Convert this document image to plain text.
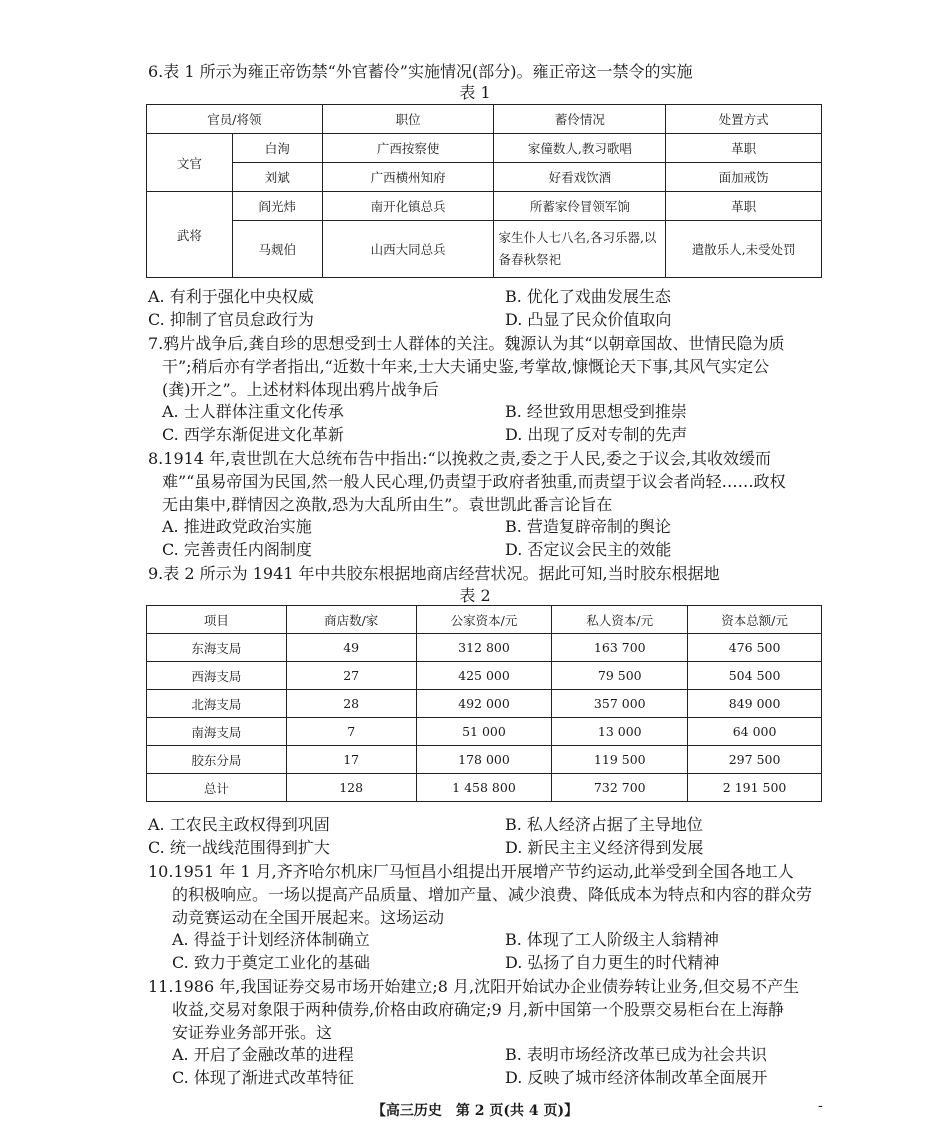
6.表 1 所示为雍正帝饬禁“外官蓄伶”实施情况(部分)。雍正帝这一禁令的实施
表 1
官员/将领		职位	蓄伶情况	处置方式
文官	白洵	广西按察使	家僮数人,教习歌唱	革职
	刘斌	广西横州知府	好看戏饮酒	面加戒饬
武将	阎光炜	南开化镇总兵	所蓄家伶冒领军饷	革职
	马觌伯	山西大同总兵	家生仆人七八名,各习乐器,以备春秋祭祀	遣散乐人,未受处罚
A. 有利于强化中央权威	B. 优化了戏曲发展生态
C. 抑制了官员怠政行为	D. 凸显了民众价值取向
7.鸦片战争后,龚自珍的思想受到士人群体的关注。魏源认为其“以朝章国故、世情民隐为质
干”;稍后亦有学者指出,“近数十年来,士大夫诵史鉴,考掌故,慷慨论天下事,其风气实定公
(龚)开之”。上述材料体现出鸦片战争后
A. 士人群体注重文化传承	B. 经世致用思想受到推崇
C. 西学东渐促进文化革新	D. 出现了反对专制的先声
8.1914 年,袁世凯在大总统布告中指出:“以挽救之责,委之于人民,委之于议会,其收效缓而
难”“虽易帝国为民国,然一般人民心理,仍责望于政府者独重,而责望于议会者尚轻……政权
无由集中,群情因之涣散,恐为大乱所由生”。袁世凯此番言论旨在
A. 推进政党政治实施	B. 营造复辟帝制的舆论
C. 完善责任内阁制度	D. 否定议会民主的效能
9.表 2 所示为 1941 年中共胶东根据地商店经营状况。据此可知,当时胶东根据地
表 2
项目	商店数/家	公家资本/元	私人资本/元	资本总额/元
东海支局	49	312 800	163 700	476 500
西海支局	27	425 000	79 500	504 500
北海支局	28	492 000	357 000	849 000
南海支局	7	51 000	13 000	64 000
胶东分局	17	178 000	119 500	297 500
总计	128	1 458 800	732 700	2 191 500
A. 工农民主政权得到巩固	B. 私人经济占据了主导地位
C. 统一战线范围得到扩大	D. 新民主主义经济得到发展
10.1951 年 1 月,齐齐哈尔机床厂马恒昌小组提出开展增产节约运动,此举受到全国各地工人
的积极响应。一场以提高产品质量、增加产量、减少浪费、降低成本为特点和内容的群众劳
动竞赛运动在全国开展起来。这场运动
A. 得益于计划经济体制确立	B. 体现了工人阶级主人翁精神
C. 致力于奠定工业化的基础	D. 弘扬了自力更生的时代精神
11.1986 年,我国证券交易市场开始建立;8 月,沈阳开始试办企业债券转让业务,但交易不产生
收益,交易对象限于两种债券,价格由政府确定;9 月,新中国第一个股票交易柜台在上海静
安证券业务部开张。这
A. 开启了金融改革的进程	B. 表明市场经济改革已成为社会共识
C. 体现了渐进式改革特征	D. 反映了城市经济体制改革全面展开
【高三历史　第 2 页(共 4 页)】	-
